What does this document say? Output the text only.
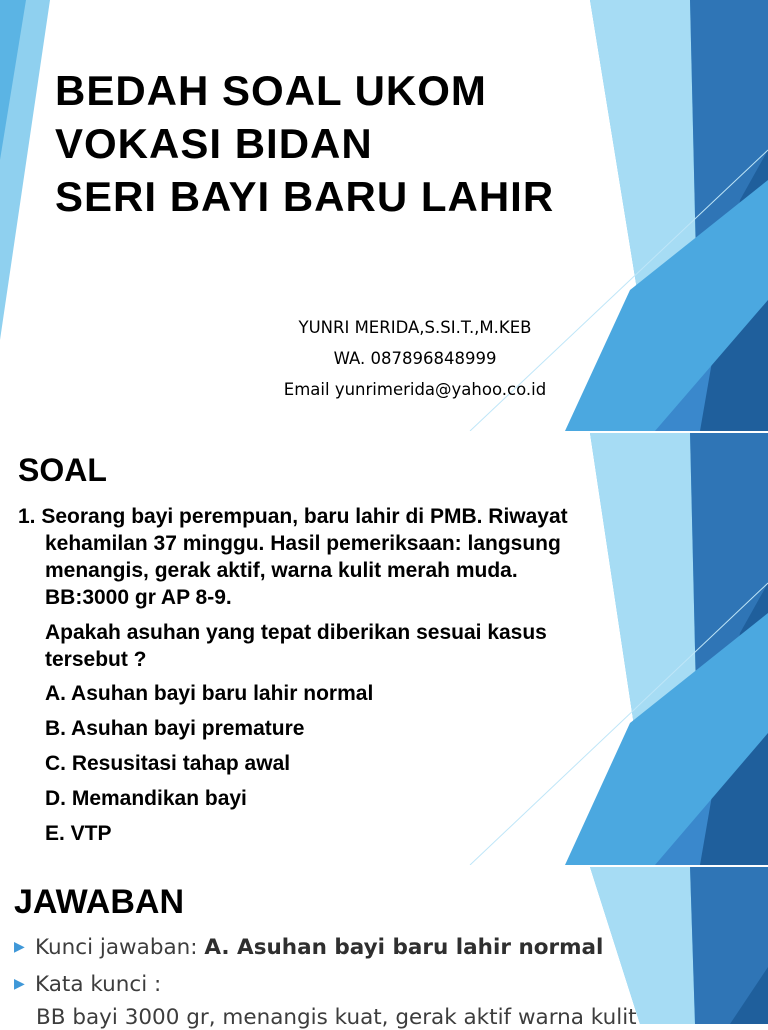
BEDAH SOAL UKOM
VOKASI BIDAN
SERI BAYI BARU LAHIR
YUNRI MERIDA,S.SI.T.,M.KEB
WA. 087896848999
Email yunrimerida@yahoo.co.id
SOAL
1. Seorang bayi perempuan, baru lahir di PMB. Riwayat
kehamilan 37 minggu. Hasil pemeriksaan: langsung
menangis, gerak aktif, warna kulit merah muda.
BB:3000 gr AP 8-9.
Apakah asuhan yang tepat diberikan sesuai kasus
tersebut ?
A. Asuhan bayi baru lahir normal
B. Asuhan bayi premature
C. Resusitasi tahap awal
D. Memandikan bayi
E. VTP
JAWABAN
▶ Kunci jawaban: A. Asuhan bayi baru lahir normal
▶ Kata kunci :
BB bayi 3000 gr, menangis kuat, gerak aktif warna kulit
